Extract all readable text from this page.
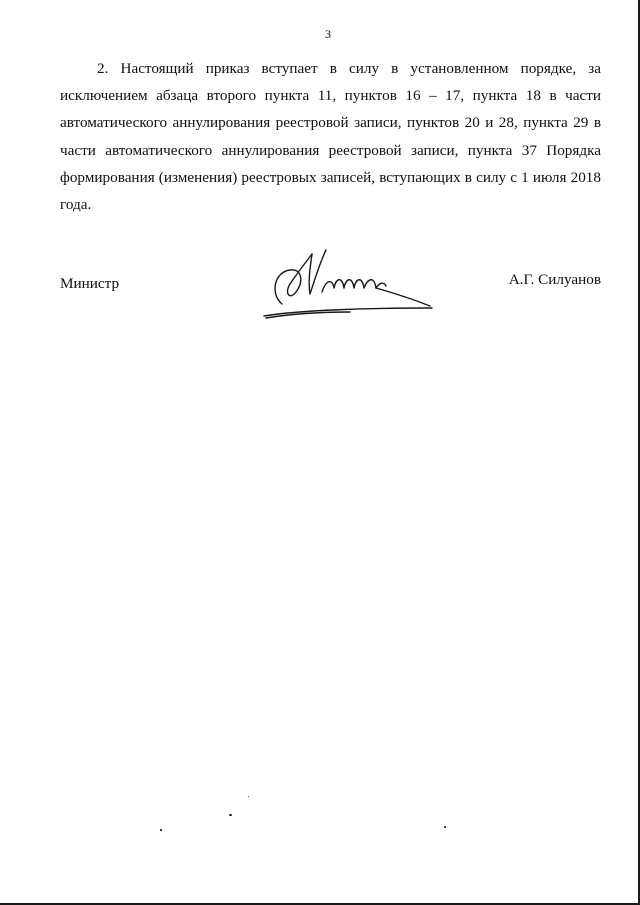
3

2. Настоящий приказ вступает в силу в установленном порядке, за исключением абзаца второго пункта 11, пунктов 16 – 17, пункта 18 в части автоматического аннулирования реестровой записи, пунктов 20 и 28, пункта 29 в части автоматического аннулирования реестровой записи, пункта 37 Порядка формирования (изменения) реестровых записей, вступающих в силу с 1 июля 2018 года.

Министр	А.Г. Силуанов
